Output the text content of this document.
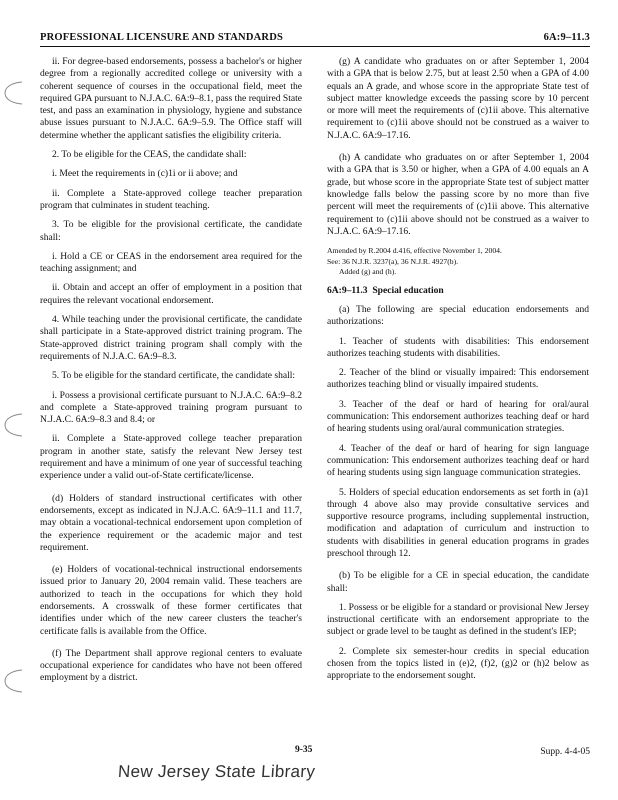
PROFESSIONAL LICENSURE AND STANDARDS	6A:9–11.3

ii. For degree-based endorsements, possess a bachelor's or higher degree from a regionally accredited college or university with a coherent sequence of courses in the occupational field, meet the required GPA pursuant to N.J.A.C. 6A:9–8.1, pass the required State test, and pass an examination in physiology, hygiene and substance abuse issues pursuant to N.J.A.C. 6A:9–5.9. The Office staff will determine whether the applicant satisfies the eligibility criteria.

2. To be eligible for the CEAS, the candidate shall:

i. Meet the requirements in (c)1i or ii above; and

ii. Complete a State-approved college teacher preparation program that culminates in student teaching.

3. To be eligible for the provisional certificate, the candidate shall:

i. Hold a CE or CEAS in the endorsement area required for the teaching assignment; and

ii. Obtain and accept an offer of employment in a position that requires the relevant vocational endorsement.

4. While teaching under the provisional certificate, the candidate shall participate in a State-approved district training program. The State-approved district training program shall comply with the requirements of N.J.A.C. 6A:9–8.3.

5. To be eligible for the standard certificate, the candidate shall:

i. Possess a provisional certificate pursuant to N.J.A.C. 6A:9–8.2 and complete a State-approved training program pursuant to N.J.A.C. 6A:9–8.3 and 8.4; or

ii. Complete a State-approved college teacher preparation program in another state, satisfy the relevant New Jersey test requirement and have a minimum of one year of successful teaching experience under a valid out-of-State certificate/license.

(d) Holders of standard instructional certificates with other endorsements, except as indicated in N.J.A.C. 6A:9–11.1 and 11.7, may obtain a vocational-technical endorsement upon completion of the experience requirement or the academic major and test requirement.

(e) Holders of vocational-technical instructional endorsements issued prior to January 20, 2004 remain valid. These teachers are authorized to teach in the occupations for which they hold endorsements. A crosswalk of these former certificates that identifies under which of the new career clusters the teacher's certificate falls is available from the Office.

(f) The Department shall approve regional centers to evaluate occupational experience for candidates who have not been offered employment by a district.

(g) A candidate who graduates on or after September 1, 2004 with a GPA that is below 2.75, but at least 2.50 when a GPA of 4.00 equals an A grade, and whose score in the appropriate State test of subject matter knowledge exceeds the passing score by 10 percent or more will meet the requirements of (c)1ii above. This alternative requirement to (c)1ii above should not be construed as a waiver to N.J.A.C. 6A:9–17.16.

(h) A candidate who graduates on or after September 1, 2004 with a GPA that is 3.50 or higher, when a GPA of 4.00 equals an A grade, but whose score in the appropriate State test of subject matter knowledge falls below the passing score by no more than five percent will meet the requirements of (c)1ii above. This alternative requirement to (c)1ii above should not be construed as a waiver to N.J.A.C. 6A:9–17.16.

Amended by R.2004 d.416, effective November 1, 2004.

See: 36 N.J.R. 3237(a), 36 N.J.R. 4927(b).

Added (g) and (h).

6A:9–11.3 Special education

(a) The following are special education endorsements and authorizations:

1. Teacher of students with disabilities: This endorsement authorizes teaching students with disabilities.

2. Teacher of the blind or visually impaired: This endorsement authorizes teaching blind or visually impaired students.

3. Teacher of the deaf or hard of hearing for oral/aural communication: This endorsement authorizes teaching deaf or hard of hearing students using oral/aural communication strategies.

4. Teacher of the deaf or hard of hearing for sign language communication: This endorsement authorizes teaching deaf or hard of hearing students using sign language communication strategies.

5. Holders of special education endorsements as set forth in (a)1 through 4 above also may provide consultative services and supportive resource programs, including supplemental instruction, modification and adaptation of curriculum and instruction to students with disabilities in general education programs in grades preschool through 12.

(b) To be eligible for a CE in special education, the candidate shall:

1. Possess or be eligible for a standard or provisional New Jersey instructional certificate with an endorsement appropriate to the subject or grade level to be taught as defined in the student's IEP;

2. Complete six semester-hour credits in special education chosen from the topics listed in (e)2, (f)2, (g)2 or (h)2 below as appropriate to the endorsement sought.

9-35	Supp. 4-4-05
New Jersey State Library
